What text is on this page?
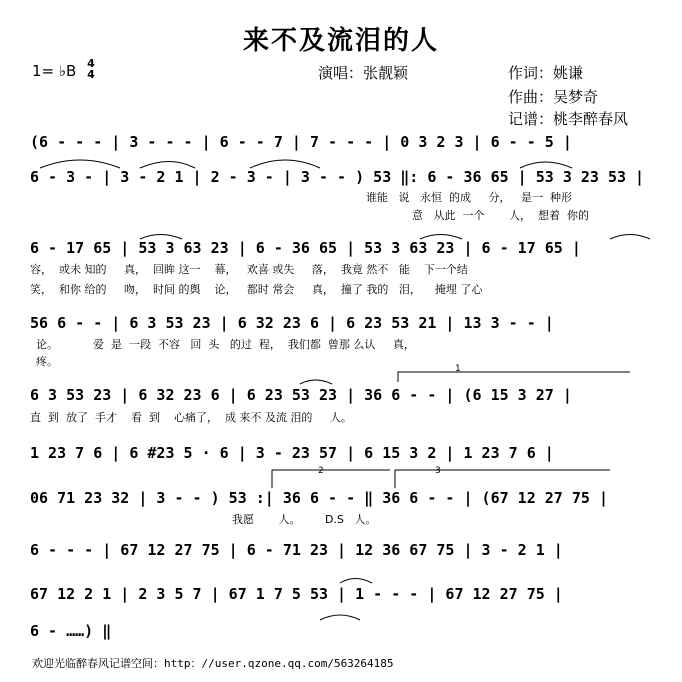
来不及流泪的人
1= ♭B 4
4	演唱：张靓颖	作词：姚谦
作曲：吴梦奇
记谱：桃李醉春风
(6 - - - | 3 - - - | 6 - - 7 | 7 - - - | 0 3 2 3 | 6 - - 5 |
6 - 3 - | 3 - 2 1 | 2 - 3 - | 3 - - ) 53 ‖: 6 - 36 65 | 53 3 23 53 |
谁能   说   永恒  的成     分，   是一  种形
意   从此  一个       人，  想着  你的
6 - 17 65 | 53 3 63 23 | 6 - 36 65 | 53 3 63 23 | 6 - 17 65 |
容，  或未 知的     真，  回眸 这一    幕，   欢喜 或失     落，  我竟 然不   能    下一个结
笑，  和你 给的     吻，  时间 的舆    论，   都时 常会     真，  撞了 我的   泪，    掩埋 了心
56 6 - - | 6 3 53 23 | 6 32 23 6 | 6 23 53 21 | 13 3 - - |
论。          爱  是  一段  不容   回  头   的过  程，  我们都  曾那 么认     真，
疼。
6 3 53 23 | 6 32 23 6 | 6 23 53 23 | 36 6 - - | (6 15 3 27 |
直  到  放了  手才    看  到    心痛了，  成 来不 及流 泪的     人。
1 23 7 6 | 6 #23 5 · 6 | 3 - 23 57 | 6 15 3 2 | 1 23 7 6 |
06 71 23 32 | 3 - - ) 53 :| 36 6 - - ‖ 36 6 - - | (67 12 27 75 |
我愿       人。       D.S   人。
6 - - - | 67 12 27 75 | 6 - 71 23 | 12 36 67 75 | 3 - 2 1 |
67 12 2 1 | 2 3 5 7 | 67 1 7 5 53 | 1 - - - | 67 12 27 75 |
6 - ……) ‖
1
2	3
欢迎光临醉春风记谱空间：http：//user.qzone.qq.com/563264185
